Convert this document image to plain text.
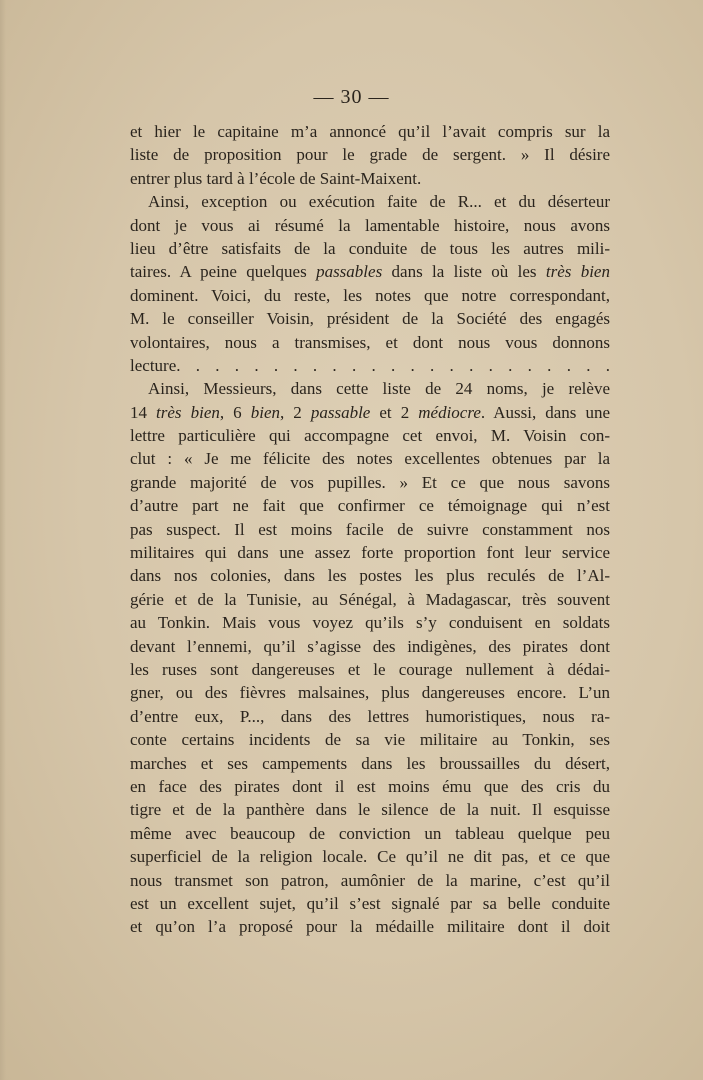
— 30 —
et hier le capitaine m’a annoncé qu’il l’avait compris sur la
liste de proposition pour le grade de sergent. » Il désire
entrer plus tard à l’école de Saint-Maixent.
Ainsi, exception ou exécution faite de R... et du déserteur
dont je vous ai résumé la lamentable histoire, nous avons
lieu d’être satisfaits de la conduite de tous les autres mili-
taires. A peine quelques passables dans la liste où les très bien
dominent. Voici, du reste, les notes que notre correspondant,
M. le conseiller Voisin, président de la Société des engagés
volontaires, nous a transmises, et dont nous vous donnons
lecture. . . . . . . . . . . . . . . . . . . . . . .
Ainsi, Messieurs, dans cette liste de 24 noms, je relève
14 très bien, 6 bien, 2 passable et 2 médiocre. Aussi, dans une
lettre particulière qui accompagne cet envoi, M. Voisin con-
clut : « Je me félicite des notes excellentes obtenues par la
grande majorité de vos pupilles. » Et ce que nous savons
d’autre part ne fait que confirmer ce témoignage qui n’est
pas suspect. Il est moins facile de suivre constamment nos
militaires qui dans une assez forte proportion font leur service
dans nos colonies, dans les postes les plus reculés de l’Al-
gérie et de la Tunisie, au Sénégal, à Madagascar, très souvent
au Tonkin. Mais vous voyez qu’ils s’y conduisent en soldats
devant l’ennemi, qu’il s’agisse des indigènes, des pirates dont
les ruses sont dangereuses et le courage nullement à dédai-
gner, ou des fièvres malsaines, plus dangereuses encore. L’un
d’entre eux, P..., dans des lettres humoristiques, nous ra-
conte certains incidents de sa vie militaire au Tonkin, ses
marches et ses campements dans les broussailles du désert,
en face des pirates dont il est moins ému que des cris du
tigre et de la panthère dans le silence de la nuit. Il esquisse
même avec beaucoup de conviction un tableau quelque peu
superficiel de la religion locale. Ce qu’il ne dit pas, et ce que
nous transmet son patron, aumônier de la marine, c’est qu’il
est un excellent sujet, qu’il s’est signalé par sa belle conduite
et qu’on l’a proposé pour la médaille militaire dont il doit
